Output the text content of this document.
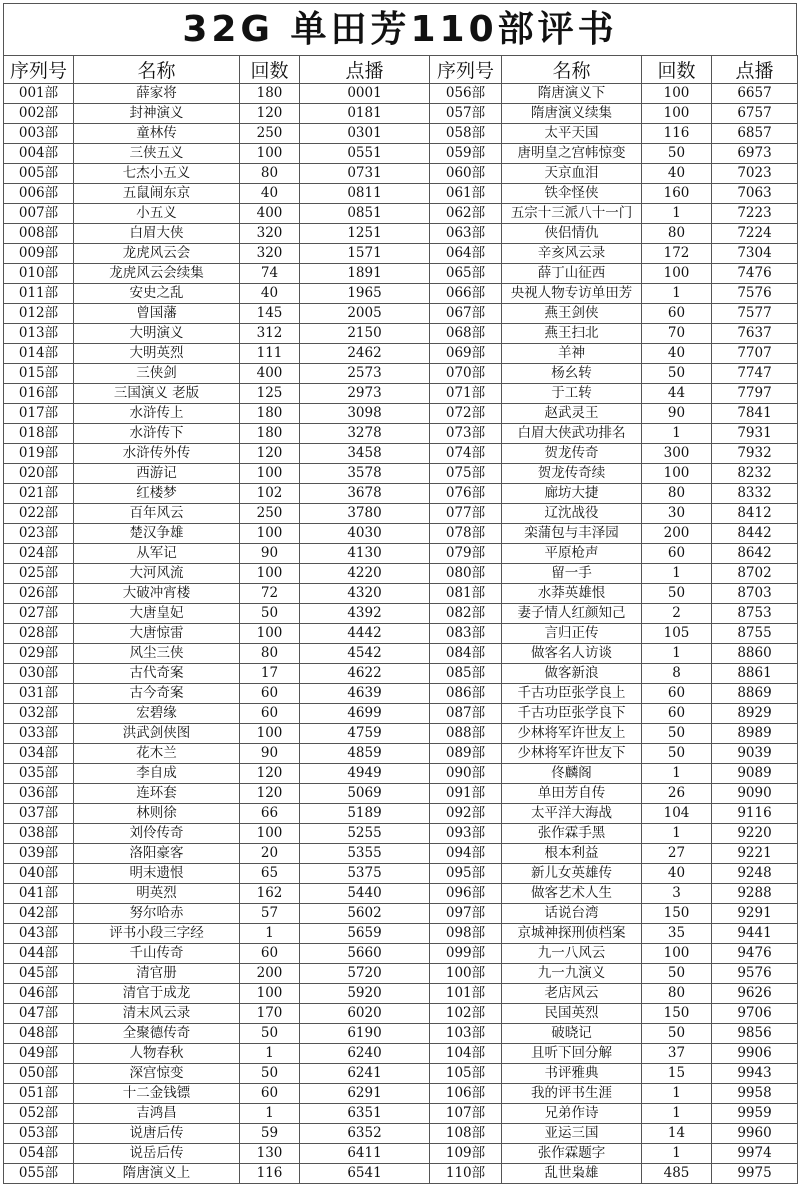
32G 单田芳110部评书
序列号	名称	回数	点播	序列号	名称	回数	点播
001部	薛家将	180	0001	056部	隋唐演义下	100	6657
002部	封神演义	120	0181	057部	隋唐演义续集	100	6757
003部	童林传	250	0301	058部	太平天国	116	6857
004部	三侠五义	100	0551	059部	唐明皇之宫帏惊变	50	6973
005部	七杰小五义	80	0731	060部	天京血泪	40	7023
006部	五鼠闹东京	40	0811	061部	铁伞怪侠	160	7063
007部	小五义	400	0851	062部	五宗十三派八十一门	1	7223
008部	白眉大侠	320	1251	063部	侠侣情仇	80	7224
009部	龙虎风云会	320	1571	064部	辛亥风云录	172	7304
010部	龙虎风云会续集	74	1891	065部	薛丁山征西	100	7476
011部	安史之乱	40	1965	066部	央视人物专访单田芳	1	7576
012部	曾国藩	145	2005	067部	燕王剑侠	60	7577
013部	大明演义	312	2150	068部	燕王扫北	70	7637
014部	大明英烈	111	2462	069部	羊神	40	7707
015部	三侠剑	400	2573	070部	杨幺转	50	7747
016部	三国演义 老版	125	2973	071部	于工转	44	7797
017部	水浒传上	180	3098	072部	赵武灵王	90	7841
018部	水浒传下	180	3278	073部	白眉大侠武功排名	1	7931
019部	水浒传外传	120	3458	074部	贺龙传奇	300	7932
020部	西游记	100	3578	075部	贺龙传奇续	100	8232
021部	红楼梦	102	3678	076部	廊坊大捷	80	8332
022部	百年风云	250	3780	077部	辽沈战役	30	8412
023部	楚汉争雄	100	4030	078部	栾蒲包与丰泽园	200	8442
024部	从军记	90	4130	079部	平原枪声	60	8642
025部	大河风流	100	4220	080部	留一手	1	8702
026部	大破冲宵楼	72	4320	081部	水莽英雄恨	50	8703
027部	大唐皇妃	50	4392	082部	妻子情人红颜知己	2	8753
028部	大唐惊雷	100	4442	083部	言归正传	105	8755
029部	风尘三侠	80	4542	084部	做客名人访谈	1	8860
030部	古代奇案	17	4622	085部	做客新浪	8	8861
031部	古今奇案	60	4639	086部	千古功臣张学良上	60	8869
032部	宏碧缘	60	4699	087部	千古功臣张学良下	60	8929
033部	洪武剑侠图	100	4759	088部	少林将军许世友上	50	8989
034部	花木兰	90	4859	089部	少林将军许世友下	50	9039
035部	李自成	120	4949	090部	佟麟阁	1	9089
036部	连环套	120	5069	091部	单田芳自传	26	9090
037部	林则徐	66	5189	092部	太平洋大海战	104	9116
038部	刘伶传奇	100	5255	093部	张作霖手黑	1	9220
039部	洛阳豪客	20	5355	094部	根本利益	27	9221
040部	明末遗恨	65	5375	095部	新儿女英雄传	40	9248
041部	明英烈	162	5440	096部	做客艺术人生	3	9288
042部	努尔哈赤	57	5602	097部	话说台湾	150	9291
043部	评书小段三字经	1	5659	098部	京城神探刑侦档案	35	9441
044部	千山传奇	60	5660	099部	九一八风云	100	9476
045部	清官册	200	5720	100部	九一九演义	50	9576
046部	清官于成龙	100	5920	101部	老店风云	80	9626
047部	清末风云录	170	6020	102部	民国英烈	150	9706
048部	全聚德传奇	50	6190	103部	破晓记	50	9856
049部	人物春秋	1	6240	104部	且听下回分解	37	9906
050部	深宫惊变	50	6241	105部	书评雅典	15	9943
051部	十二金钱镖	60	6291	106部	我的评书生涯	1	9958
052部	吉鸿昌	1	6351	107部	兄弟作诗	1	9959
053部	说唐后传	59	6352	108部	亚运三国	14	9960
054部	说岳后传	130	6411	109部	张作霖题字	1	9974
055部	隋唐演义上	116	6541	110部	乱世枭雄	485	9975
